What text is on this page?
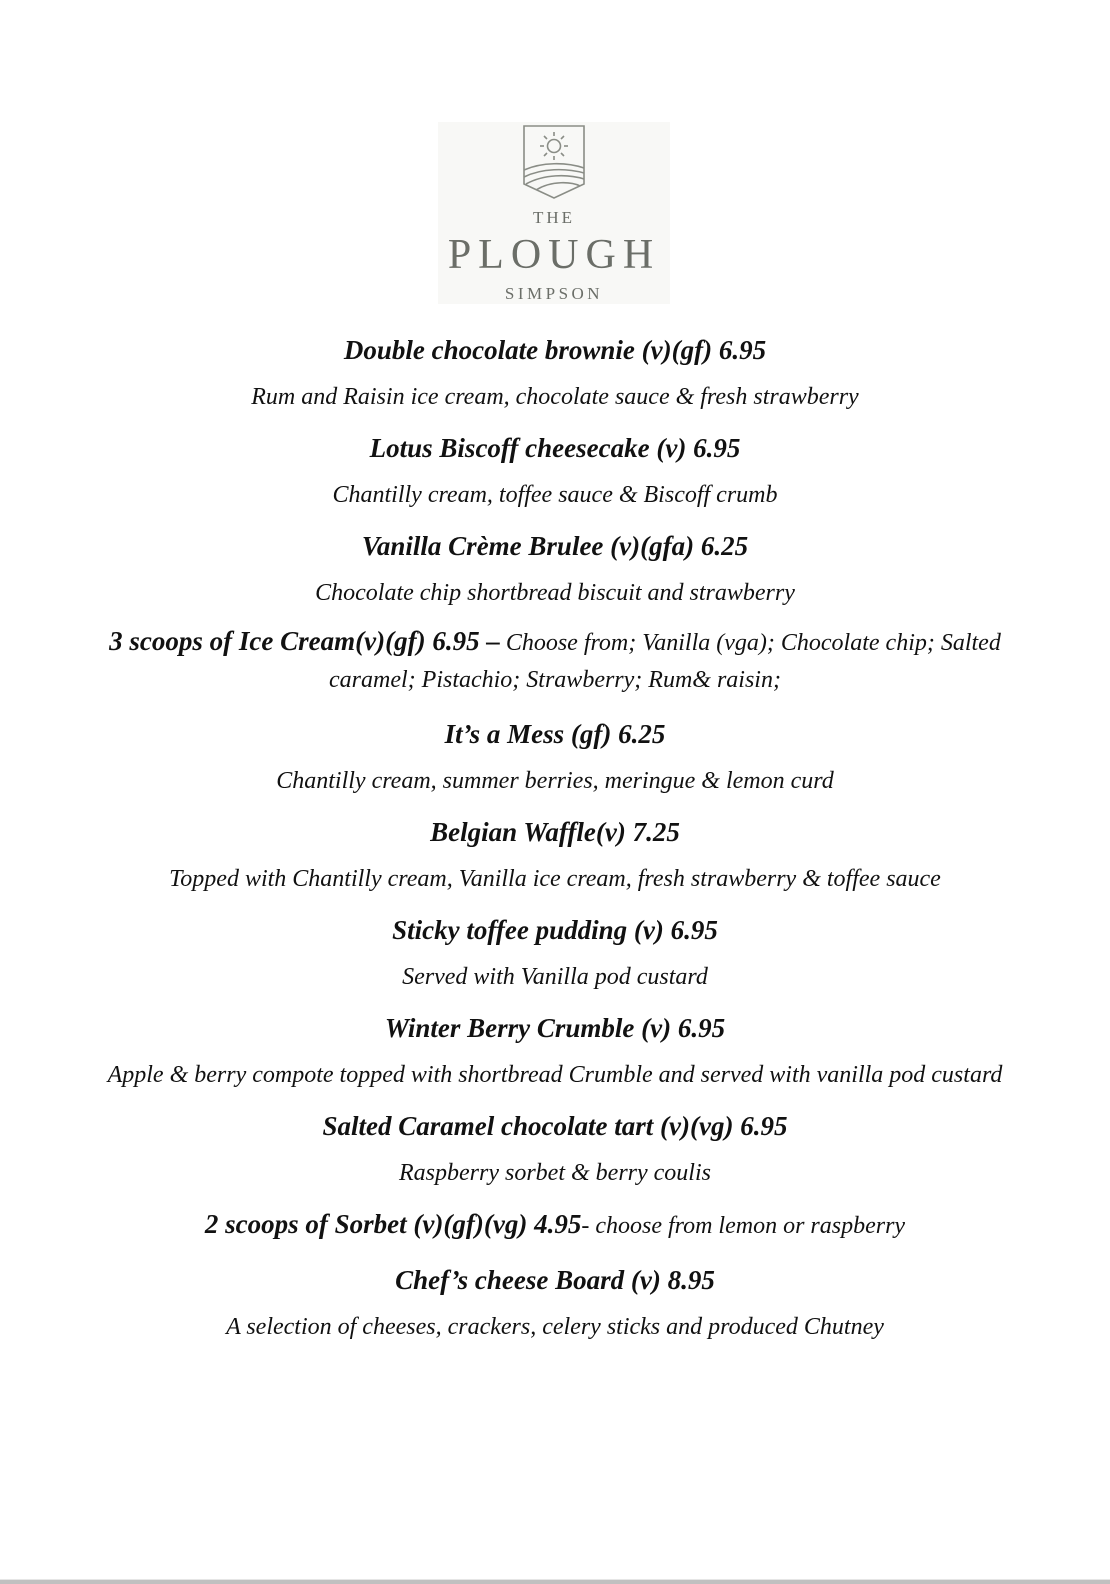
THE
PLOUGH
SIMPSON

Double chocolate brownie (v)(gf) 6.95

Rum and Raisin ice cream, chocolate sauce & fresh strawberry

Lotus Biscoff cheesecake (v) 6.95

Chantilly cream, toffee sauce & Biscoff crumb

Vanilla Crème Brulee (v)(gfa) 6.25

Chocolate chip shortbread biscuit and strawberry

3 scoops of Ice Cream(v)(gf) 6.95 – Choose from; Vanilla (vga); Chocolate chip; Salted caramel; Pistachio; Strawberry; Rum& raisin;

It’s a Mess (gf) 6.25

Chantilly cream, summer berries, meringue & lemon curd

Belgian Waffle(v) 7.25

Topped with Chantilly cream, Vanilla ice cream, fresh strawberry & toffee sauce

Sticky toffee pudding (v) 6.95

Served with Vanilla pod custard

Winter Berry Crumble (v) 6.95

Apple & berry compote topped with shortbread Crumble and served with vanilla pod custard

Salted Caramel chocolate tart (v)(vg) 6.95

Raspberry sorbet & berry coulis

2 scoops of Sorbet (v)(gf)(vg) 4.95- choose from lemon or raspberry

Chef’s cheese Board (v) 8.95

A selection of cheeses, crackers, celery sticks and produced Chutney
